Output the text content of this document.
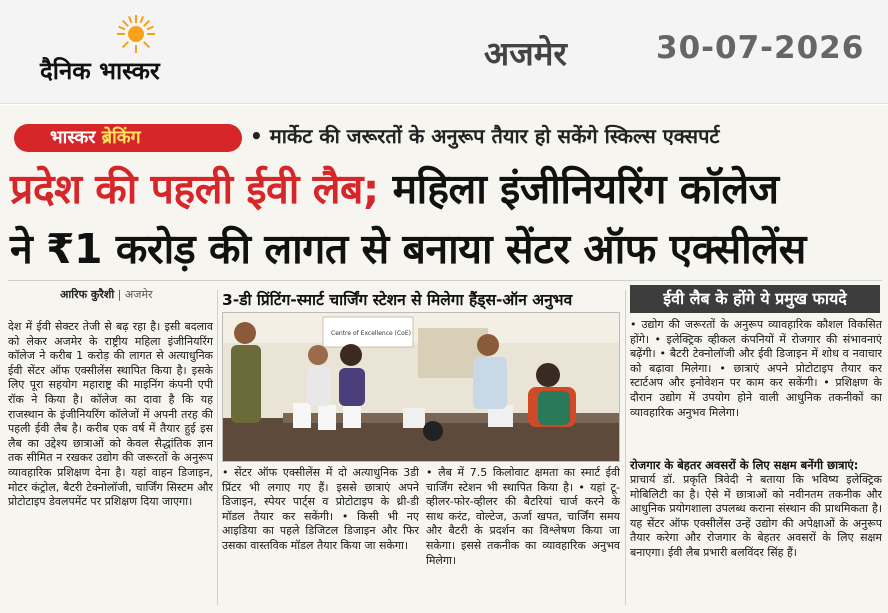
दैनिक भास्कर	अजमेर	30-07-2026
भास्कर ब्रेकिंग	• मार्केट की जरूरतों के अनुरूप तैयार हो सकेंगे स्किल्स एक्सपर्ट
प्रदेश की पहली ईवी लैब; महिला इंजीनियरिंग कॉलेज
ने ₹1 करोड़ की लागत से बनाया सेंटर ऑफ एक्सीलेंस
आरिफ कुरैशी | अजमेर
देश में ईवी सेक्टर तेजी से बढ़ रहा है। इसी बदलाव को लेकर अजमेर के राष्ट्रीय महिला इंजीनियरिंग कॉलेज ने करीब 1 करोड़ की लागत से अत्याधुनिक ईवी सेंटर ऑफ एक्सीलेंस स्थापित किया है। इसके लिए पूरा सहयोग महाराष्ट्र की माइनिंग कंपनी एपी रॉक ने किया है। कॉलेज का दावा है कि यह राजस्थान के इंजीनियरिंग कॉलेजों में अपनी तरह की पहली ईवी लैब है। करीब एक वर्ष में तैयार हुई इस लैब का उद्देश्य छात्राओं को केवल सैद्धांतिक ज्ञान तक सीमित न रखकर उद्योग की जरूरतों के अनुरूप व्यावहारिक प्रशिक्षण देना है। यहां वाहन डिजाइन, मोटर कंट्रोल, बैटरी टेक्नोलॉजी, चार्जिंग सिस्टम और प्रोटोटाइप डेवलपमेंट पर प्रशिक्षण दिया जाएगा।
3-डी प्रिंटिंग-स्मार्ट चार्जिंग स्टेशन से मिलेगा हैंड्स-ऑन अनुभव
Centre of Excellence (CoE)
• सेंटर ऑफ एक्सीलेंस में दो अत्याधुनिक 3डी प्रिंटर भी लगाए गए हैं। इससे छात्राएं अपने डिजाइन, स्पेयर पार्ट्स व प्रोटोटाइप के थ्री-डी मॉडल तैयार कर सकेंगी। • किसी भी नए आइडिया का पहले डिजिटल डिजाइन और फिर उसका वास्तविक मॉडल तैयार किया जा सकेगा।
• लैब में 7.5 किलोवाट क्षमता का स्मार्ट ईवी चार्जिंग स्टेशन भी स्थापित किया है। • यहां टू-व्हीलर-फोर-व्हीलर की बैटरियां चार्ज करने के साथ करंट, वोल्टेज, ऊर्जा खपत, चार्जिंग समय और बैटरी के प्रदर्शन का विश्लेषण किया जा सकेगा। इससे तकनीक का व्यावहारिक अनुभव मिलेगा।
ईवी लैब के होंगे ये प्रमुख फायदे
• उद्योग की जरूरतों के अनुरूप व्यावहारिक कौशल विकसित होंगे। • इलेक्ट्रिक व्हीकल कंपनियों में रोजगार की संभावनाएं बढ़ेंगी। • बैटरी टेक्नोलॉजी और ईवी डिजाइन में शोध व नवाचार को बढ़ावा मिलेगा। • छात्राएं अपने प्रोटोटाइप तैयार कर स्टार्टअप और इनोवेशन पर काम कर सकेंगी। • प्रशिक्षण के दौरान उद्योग में उपयोग होने वाली आधुनिक तकनीकों का व्यावहारिक अनुभव मिलेगा।
रोजगार के बेहतर अवसरों के लिए सक्षम बनेंगी छात्राएं:
प्राचार्य डॉ. प्रकृति त्रिवेदी ने बताया कि भविष्य इलेक्ट्रिक मोबिलिटी का है। ऐसे में छात्राओं को नवीनतम तकनीक और आधुनिक प्रयोगशाला उपलब्ध कराना संस्थान की प्राथमिकता है। यह सेंटर ऑफ एक्सीलेंस उन्हें उद्योग की अपेक्षाओं के अनुरूप तैयार करेगा और रोजगार के बेहतर अवसरों के लिए सक्षम बनाएगा। ईवी लैब प्रभारी बलविंदर सिंह हैं।
